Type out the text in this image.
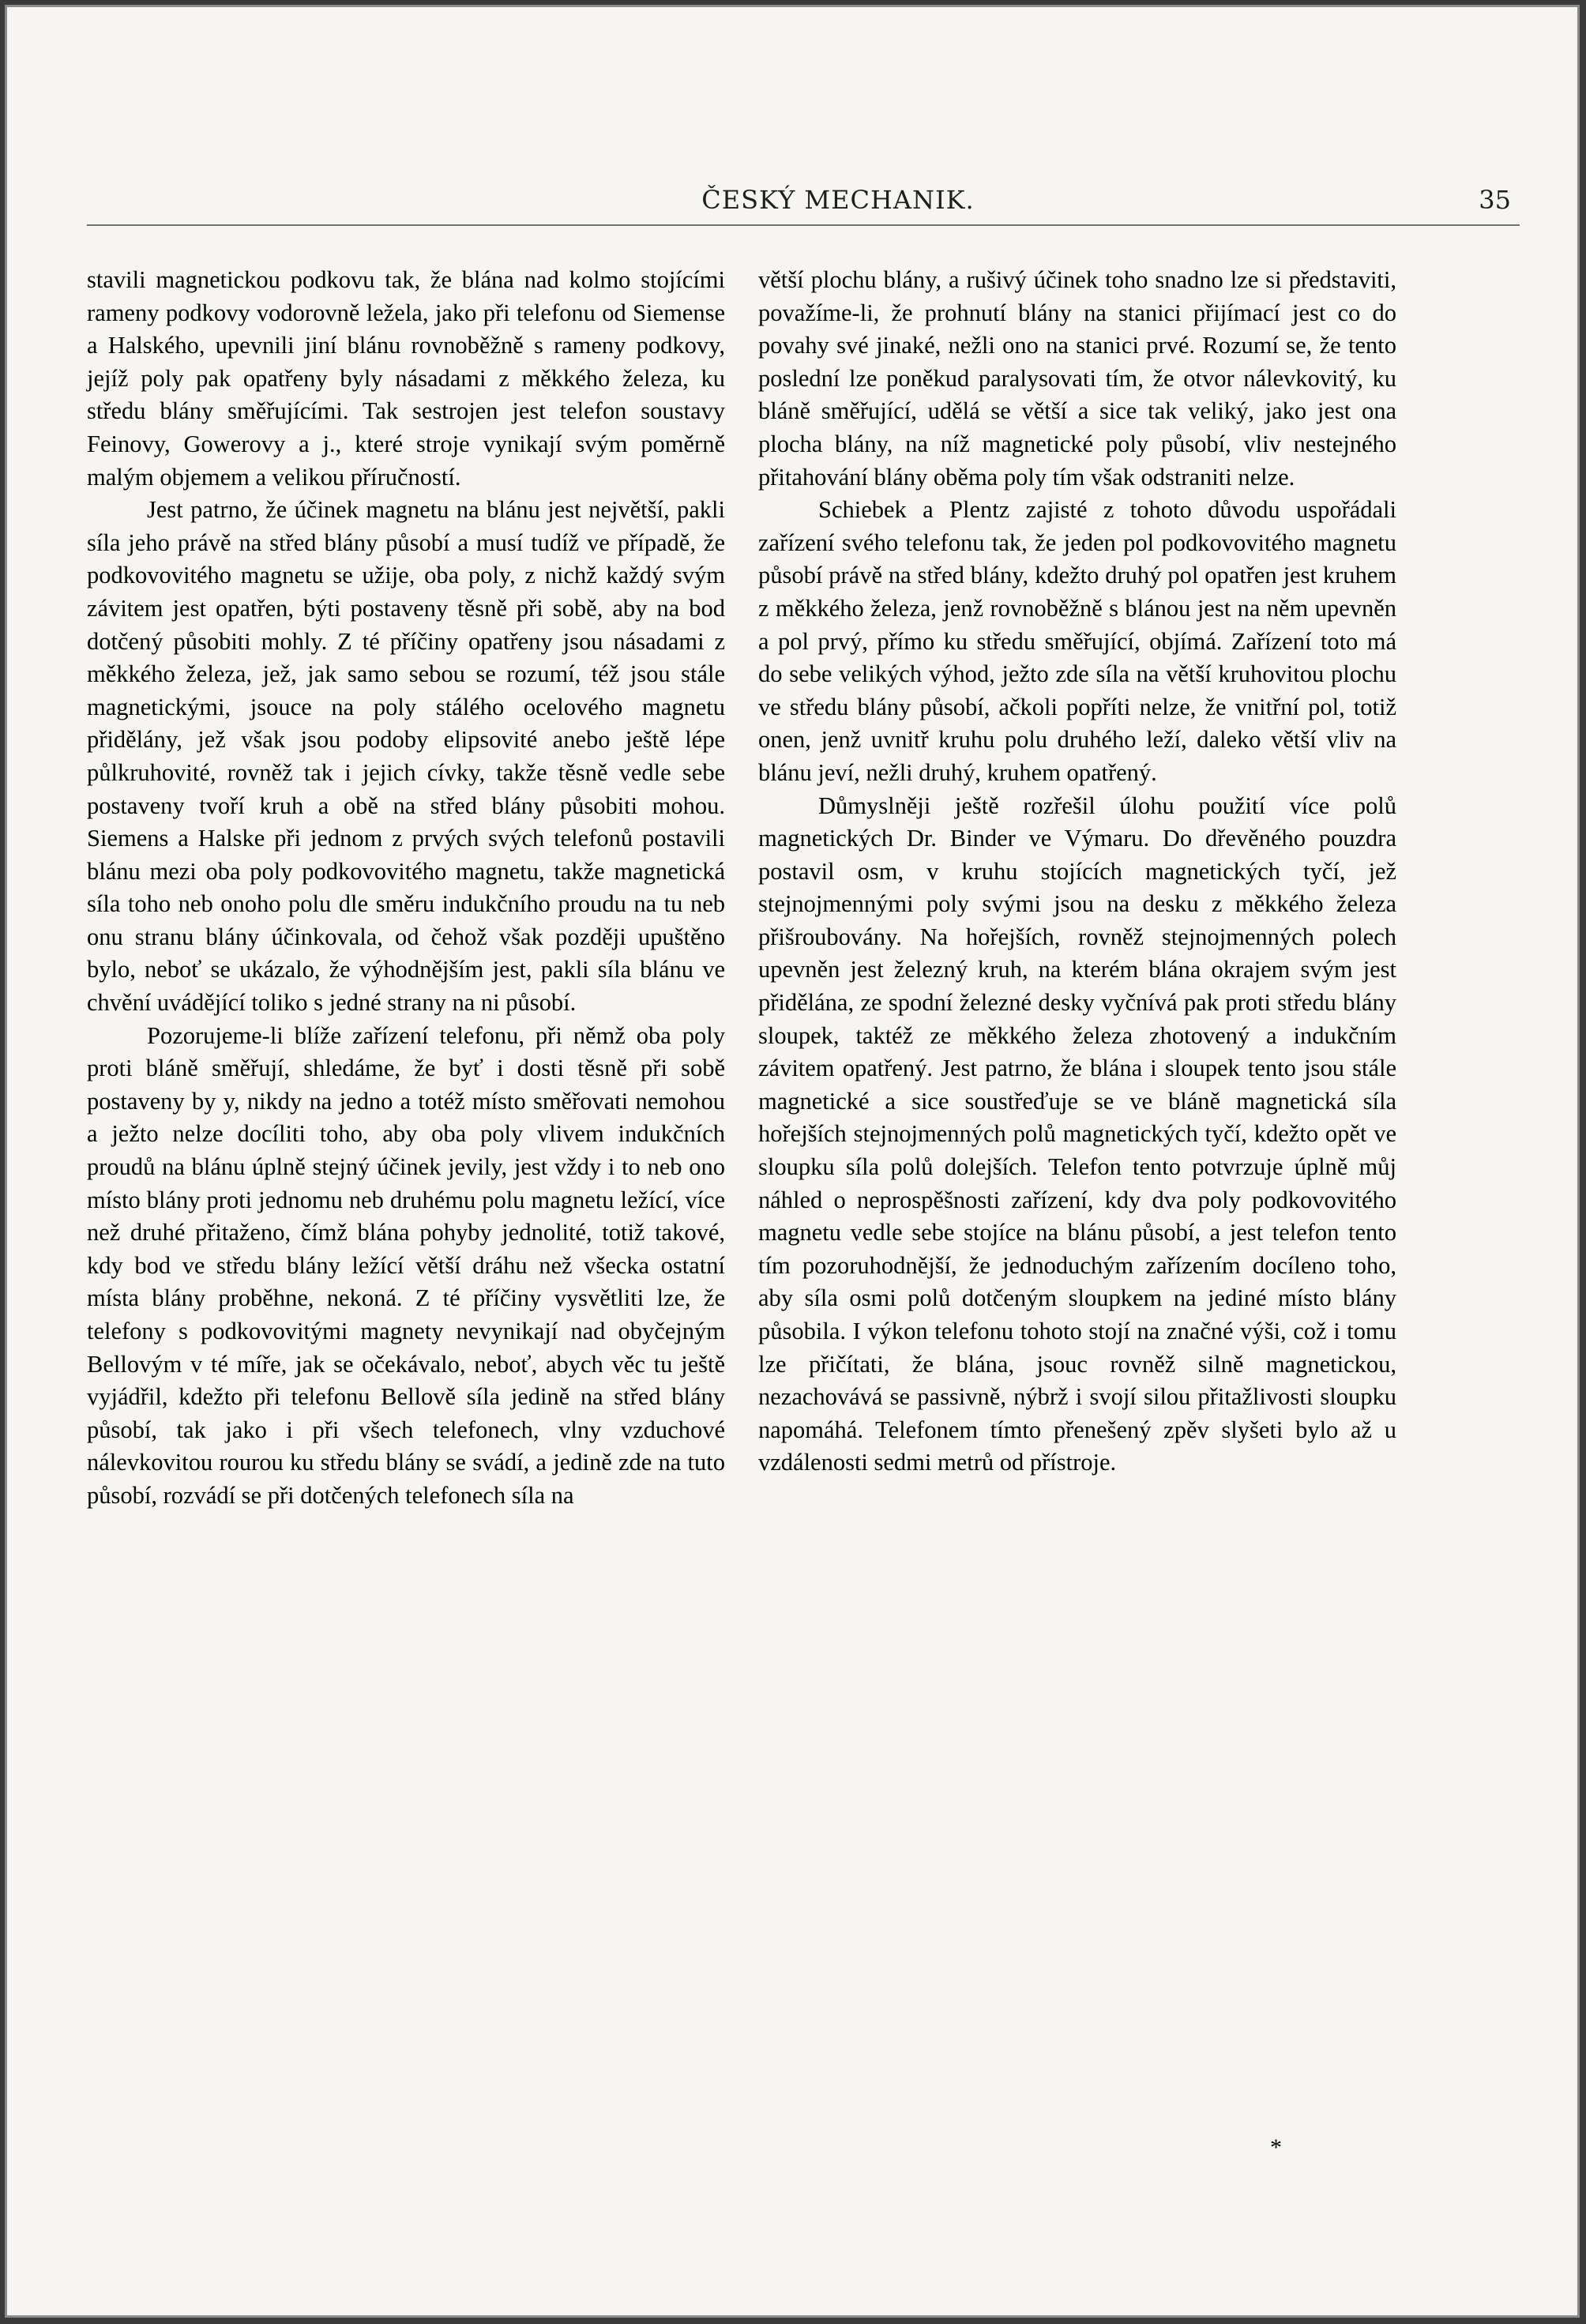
ČESKÝ MECHANIK.	35

stavili magnetickou podkovu tak, že blána nad kolmo stojícími rameny podkovy vodorovně ležela, jako při telefonu od Siemense a Halského, upevnili jiní blánu rovnoběžně s rameny podkovy, jejíž poly pak opatřeny byly násadami z měkkého železa, ku středu blány směřujícími. Tak sestrojen jest telefon soustavy Feinovy, Gowerovy a j., které stroje vynikají svým poměrně malým objemem a velikou příručností.

Jest patrno, že účinek magnetu na blánu jest největší, pakli síla jeho právě na střed blány působí a musí tudíž ve případě, že podkovovitého magnetu se užije, oba poly, z nichž každý svým závitem jest opatřen, býti postaveny těsně při sobě, aby na bod dotčený působiti mohly. Z té příčiny opatřeny jsou násadami z měkkého železa, jež, jak samo sebou se rozumí, též jsou stále magnetickými, jsouce na poly stálého ocelového magnetu přidělány, jež však jsou podoby elipsovité anebo ještě lépe půlkruhovité, rovněž tak i jejich cívky, takže těsně vedle sebe postaveny tvoří kruh a obě na střed blány působiti mohou. Siemens a Halske při jednom z prvých svých telefonů postavili blánu mezi oba poly podkovovitého magnetu, takže magnetická síla toho neb onoho polu dle směru indukčního proudu na tu neb onu stranu blány účinkovala, od čehož však později upuštěno bylo, neboť se ukázalo, že výhodnějším jest, pakli síla blánu ve chvění uvádějící toliko s jedné strany na ni působí.

Pozorujeme-li blíže zařízení telefonu, při němž oba poly proti bláně směřují, shledáme, že byť i dosti těsně při sobě postaveny by y, nikdy na jedno a totéž místo směřovati nemohou a ježto nelze docíliti toho, aby oba poly vlivem indukčních proudů na blánu úplně stejný účinek jevily, jest vždy i to neb ono místo blány proti jednomu neb druhému polu magnetu ležící, více než druhé přitaženo, čímž blána pohyby jednolité, totiž takové, kdy bod ve středu blány ležící větší dráhu než všecka ostatní místa blány proběhne, nekoná. Z té příčiny vysvětliti lze, že telefony s podkovovitými magnety nevynikají nad obyčejným Bellovým v té míře, jak se očekávalo, neboť, abych věc tu ještě vyjádřil, kdežto při telefonu Bellově síla jedině na střed blány působí, tak jako i při všech telefonech, vlny vzduchové nálevkovitou rourou ku středu blány se svádí, a jedině zde na tuto působí, rozvádí se při dotčených telefonech síla na

větší plochu blány, a rušivý účinek toho snadno lze si představiti, považíme-li, že prohnutí blány na stanici přijímací jest co do povahy své jinaké, nežli ono na stanici prvé. Rozumí se, že tento poslední lze poněkud paralysovati tím, že otvor nálevkovitý, ku bláně směřující, udělá se větší a sice tak veliký, jako jest ona plocha blány, na níž magnetické poly působí, vliv nestejného přitahování blány oběma poly tím však odstraniti nelze.

Schiebek a Plentz zajisté z tohoto důvodu uspořádali zařízení svého telefonu tak, že jeden pol podkovovitého magnetu působí právě na střed blány, kdežto druhý pol opatřen jest kruhem z měkkého železa, jenž rovnoběžně s blánou jest na něm upevněn a pol prvý, přímo ku středu směřující, objímá. Zařízení toto má do sebe velikých výhod, ježto zde síla na větší kruhovitou plochu ve středu blány působí, ačkoli popříti nelze, že vnitřní pol, totiž onen, jenž uvnitř kruhu polu druhého leží, daleko větší vliv na blánu jeví, nežli druhý, kruhem opatřený.

Důmyslněji ještě rozřešil úlohu použití více polů magnetických Dr. Binder ve Výmaru. Do dřevěného pouzdra postavil osm, v kruhu stojících magnetických tyčí, jež stejnojmennými poly svými jsou na desku z měkkého železa přišroubovány. Na hořejších, rovněž stejnojmenných polech upevněn jest železný kruh, na kterém blána okrajem svým jest přidělána, ze spodní železné desky vyčnívá pak proti středu blány sloupek, taktéž ze měkkého železa zhotovený a indukčním závitem opatřený. Jest patrno, že blána i sloupek tento jsou stále magnetické a sice soustřeďuje se ve bláně magnetická síla hořejších stejnojmenných polů magnetických tyčí, kdežto opět ve sloupku síla polů dolejších. Telefon tento potvrzuje úplně můj náhled o neprospěšnosti zařízení, kdy dva poly podkovovitého magnetu vedle sebe stojíce na blánu působí, a jest telefon tento tím pozoruhodnější, že jednoduchým zařízením docíleno toho, aby síla osmi polů dotčeným sloupkem na jediné místo blány působila. I výkon telefonu tohoto stojí na značné výši, což i tomu lze přičítati, že blána, jsouc rovněž silně magnetickou, nezachovává se passivně, nýbrž i svojí silou přitažlivosti sloupku napomáhá. Telefonem tímto přenešený zpěv slyšeti bylo až u vzdálenosti sedmi metrů od přístroje.

*
